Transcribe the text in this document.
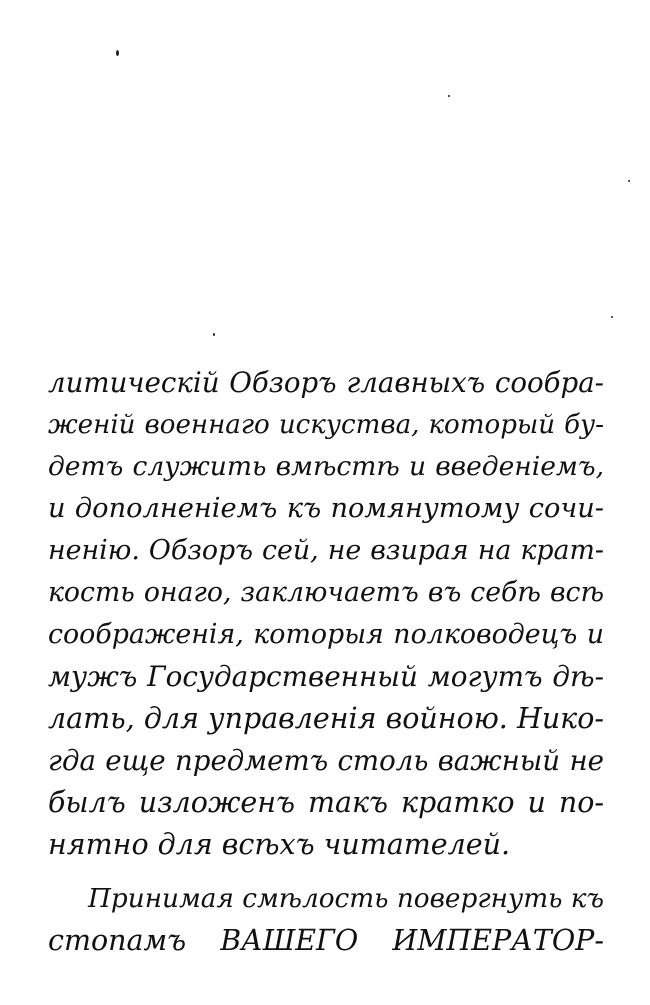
литическій Обзоръ главныхъ сообра-
женій военнаго искуства, который бу-
детъ служить вмѣстѣ и введеніемъ,
и дополненіемъ къ помянутому сочи-
ненію. Обзоръ сей, не взирая на крат-
кость онаго, заключаетъ въ себѣ всѣ
соображенія, которыя полководецъ и
мужъ Государственный могутъ дѣ-
лать, для управленія войною. Нико-
гда еще предметъ столь важный не
былъ изложенъ такъ кратко и по-
нятно для всѣхъ читателей.
Принимая смѣлость повергнуть къ
стопамъ ВАШЕГО ИМПЕРАТОР-
